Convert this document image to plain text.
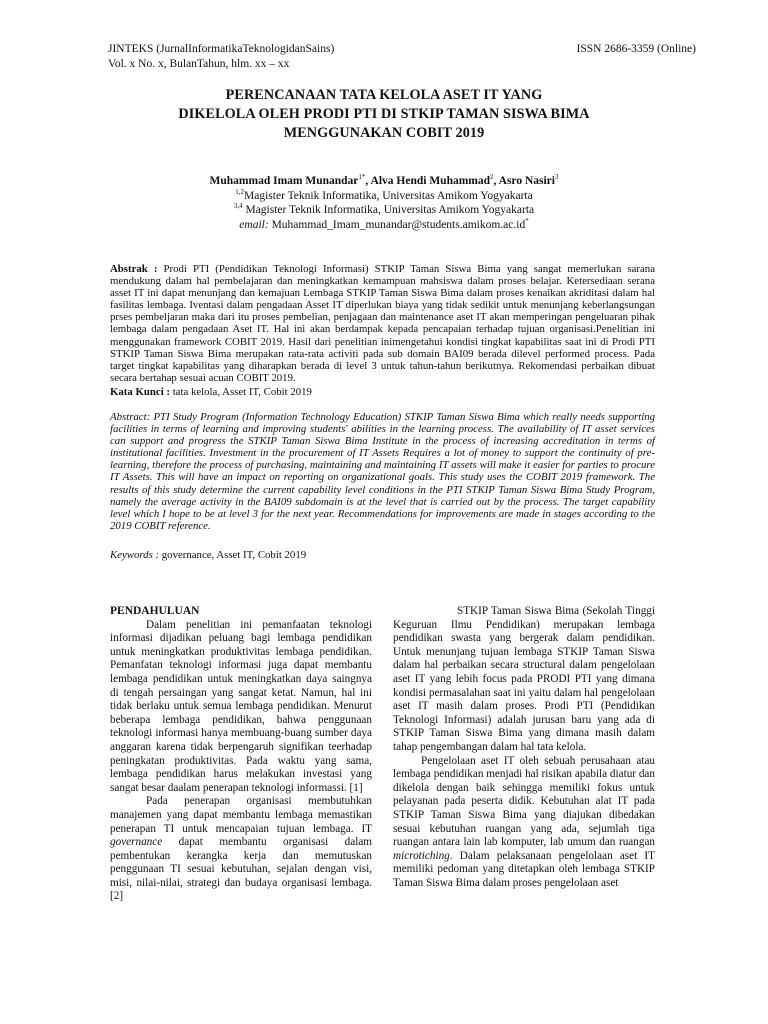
JINTEKS (JurnalInformatikaTeknologidanSains)
Vol. x No. x, BulanTahun, hlm. xx – xx
ISSN 2686-3359 (Online)
PERENCANAAN TATA KELOLA ASET IT YANG
DIKELOLA OLEH PRODI PTI DI STKIP TAMAN SISWA BIMA
MENGGUNAKAN COBIT 2019
Muhammad Imam Munandar$^{1*}$, Alva Hendi Muhammad$^2$, Asro Nasiri$^3$
$^{1,2}$Magister Teknik Informatika, Universitas Amikom Yogyakarta
$^{3,4}$ Magister Teknik Informatika, Universitas Amikom Yogyakarta
email: Muhammad_Imam_munandar@students.amikom.ac.id*
Abstrak : Prodi PTI (Pendidikan Teknologi Informasi) STKIP Taman Siswa Bima yang sangat memerlukan sarana mendukung dalam hal pembelajaran dan meningkatkan kemampuan mahsiswa dalam proses belajar. Ketersediaan serana asset IT ini dapat menunjang dan kemajuan Lembaga STKIP Taman Siswa Bima dalam proses kenaikan akriditasi dalam hal fasilitas lembaga. Iventasi dalam pengadaan Asset IT diperlukan biaya yang tidak sedikit untuk menunjang keberlangsungan prses pembeljaran maka dari itu proses pembelian, penjagaan dan maintenance aset IT akan memperingan pengeluaran pihak lembaga dalam pengadaan Aset IT. Hal ini akan berdampak kepada pencapaian terhadap tujuan organisasi.Penelitian ini menggunakan framework COBIT 2019. Hasil dari penelitian inimengetahui kondisi tingkat kapabilitas saat ini di Prodi PTI STKIP Taman Siswa Bima merupakan rata-rata activiti pada sub domain BAI09 berada dilevel performed process. Pada target tingkat kapabilitas yang diharapkan berada di level 3 untuk tahun-tahun berikutnya. Rekomendasi perbaikan dibuat secara bertahap sesuai acuan COBIT 2019.
Kata Kunci : tata kelola, Asset IT, Cobit 2019
Abstract: PTI Study Program (Information Technology Education) STKIP Taman Siswa Bima which really needs supporting facilities in terms of learning and improving students' abilities in the learning process. The availability of IT asset services can support and progress the STKIP Taman Siswa Bima Institute in the process of increasing accreditation in terms of institutional facilities. Investment in the procurement of IT Assets Requires a lot of money to support the continuity of pre-learning, therefore the process of purchasing, maintaining and maintaining IT assets will make it easier for parties to procure IT Assets. This will have an impact on reporting on organizational goals. This study uses the COBIT 2019 framework. The results of this study determine the current capability level conditions in the PTI STKIP Taman Siswa Bima Study Program, namely the average activity in the BAI09 subdomain is at the level that is carried out by the process. The target capability level which I hope to be at level 3 for the next year. Recommendations for improvements are made in stages according to the 2019 COBIT reference.
Keywords : governance, Asset IT, Cobit 2019
PENDAHULUAN

Dalam penelitian ini pemanfaatan teknologi informasi dijadikan peluang bagi lembaga pendidikan untuk meningkatkan produktivitas lembaga pendidikan. Pemanfatan teknologi informasi juga dapat membantu lembaga pendidikan untuk meningkatkan daya saingnya di tengah persaingan yang sangat ketat. Namun, hal ini tidak berlaku untuk semua lembaga pendidikan. Menurut beberapa lembaga pendidikan, bahwa penggunaan teknologi informasi hanya membuang-buang sumber daya anggaran karena tidak berpengaruh signifikan teerhadap peningkatan produktivitas. Pada waktu yang sama, lembaga pendidikan harus melakukan investasi yang sangat besar daalam penerapan teknologi informassi. [1]

Pada penerapan organisasi membutuhkan manajemen yang dapat membantu lembaga memastikan penerapan TI untuk mencapaian tujuan lembaga. IT governance dapat membantu organisasi dalam pembentukan kerangka kerja dan memutuskan penggunaan TI sesuai kebutuhan, sejalan dengan visi, misi, nilai-nilai, strategi dan budaya organisasi lembaga. [2]

STKIP Taman Siswa Bima (Sekolah Tinggi Keguruan Ilmu Pendidikan) merupakan lembaga pendidikan swasta yang bergerak dalam pendidikan. Untuk menunjang tujuan lembaga STKIP Taman Siswa dalam hal perbaikan secara structural dalam pengelolaan aset IT yang lebih focus pada PRODI PTI yang dimana kondisi permasalahan saat ini yaitu dalam hal pengelolaan aset IT masih dalam proses. Prodi PTI (Pendidikan Teknologi Informasi) adalah jurusan baru yang ada di STKIP Taman Siswa Bima yang dimana masih dalam tahap pengembangan dalam hal tata kelola.

Pengelolaan aset IT oleh sebuah perusahaan atau lembaga pendidikan menjadi hal risikan apabila diatur dan dikelola dengan baik sehingga memiliki fokus untuk pelayanan pada peserta didik. Kebutuhan alat IT pada STKIP Taman Siswa Bima yang diajukan dibedakan sesuai kebutuhan ruangan yang ada, sejumlah tiga ruangan antara lain lab komputer, lab umum dan ruangan microtiching. Dalam pelaksanaan pengelolaan aset IT memiliki pedoman yang ditetapkan oleh lembaga STKIP Taman Siswa Bima dalam proses pengelolaan aset
